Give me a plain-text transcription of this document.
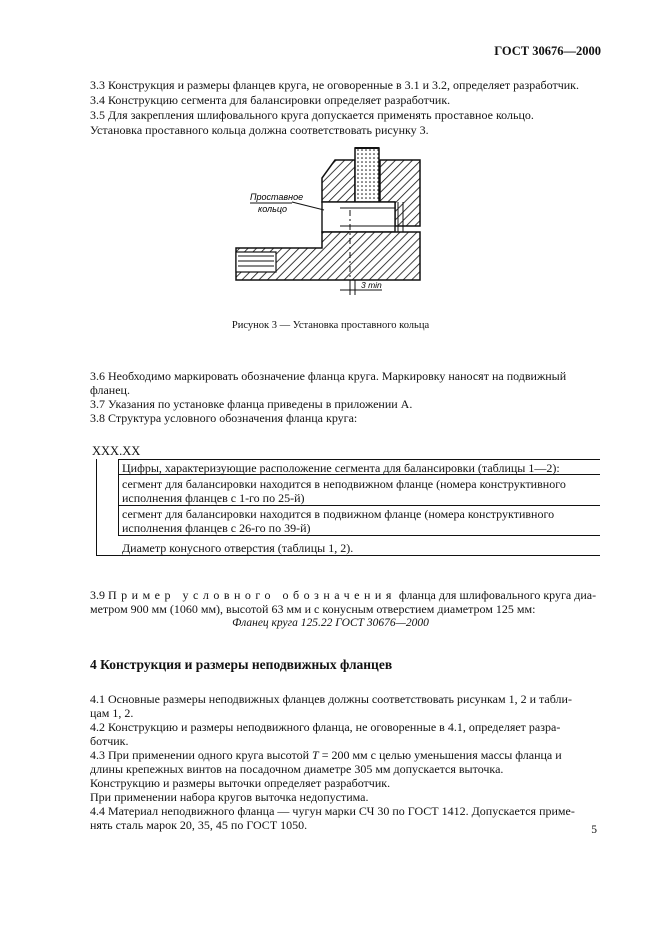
ГОСТ 30676—2000
3.3 Конструкция и размеры фланцев круга, не оговоренные в 3.1 и 3.2, определяет разработчик.
3.4 Конструкцию сегмента для балансировки определяет разработчик.
3.5 Для закрепления шлифовального круга допускается применять проставное кольцо.
Установка проставного кольца должна соответствовать рисунку 3.
Проставное
кольцо
3 min
Рисунок 3 — Установка проставного кольца
3.6 Необходимо маркировать обозначение фланца круга. Маркировку наносят на подвижный
фланец.
3.7 Указания по установке фланца приведены в приложении А.
3.8 Структура условного обозначения фланца круга:
ХХХ.ХХ
Цифры, характеризующие расположение сегмента для балансировки (таблицы 1—2):
сегмент для балансировки находится в неподвижном фланце (номера конструктивного
исполнения фланцев с 1-го по 25-й)
сегмент для балансировки находится в подвижном фланце (номера конструктивного
исполнения фланцев с 26-го по 39-й)
Диаметр конусного отверстия (таблицы 1, 2).
3.9 Пример условного обозначения фланца для шлифовального круга диа-
метром 900 мм (1060 мм), высотой 63 мм и с конусным отверстием диаметром 125 мм:
Фланец круга 125.22 ГОСТ 30676—2000
4 Конструкция и размеры неподвижных фланцев
4.1 Основные размеры неподвижных фланцев должны соответствовать рисункам 1, 2 и табли-
цам 1, 2.
4.2 Конструкцию и размеры неподвижного фланца, не оговоренные в 4.1, определяет разра-
ботчик.
4.3 При применении одного круга высотой T = 200 мм с целью уменьшения массы фланца и
длины крепежных винтов на посадочном диаметре 305 мм допускается выточка.
Конструкцию и размеры выточки определяет разработчик.
При применении набора кругов выточка недопустима.
4.4 Материал неподвижного фланца — чугун марки СЧ 30 по ГОСТ 1412. Допускается приме-
нять сталь марок 20, 35, 45 по ГОСТ 1050.	5
